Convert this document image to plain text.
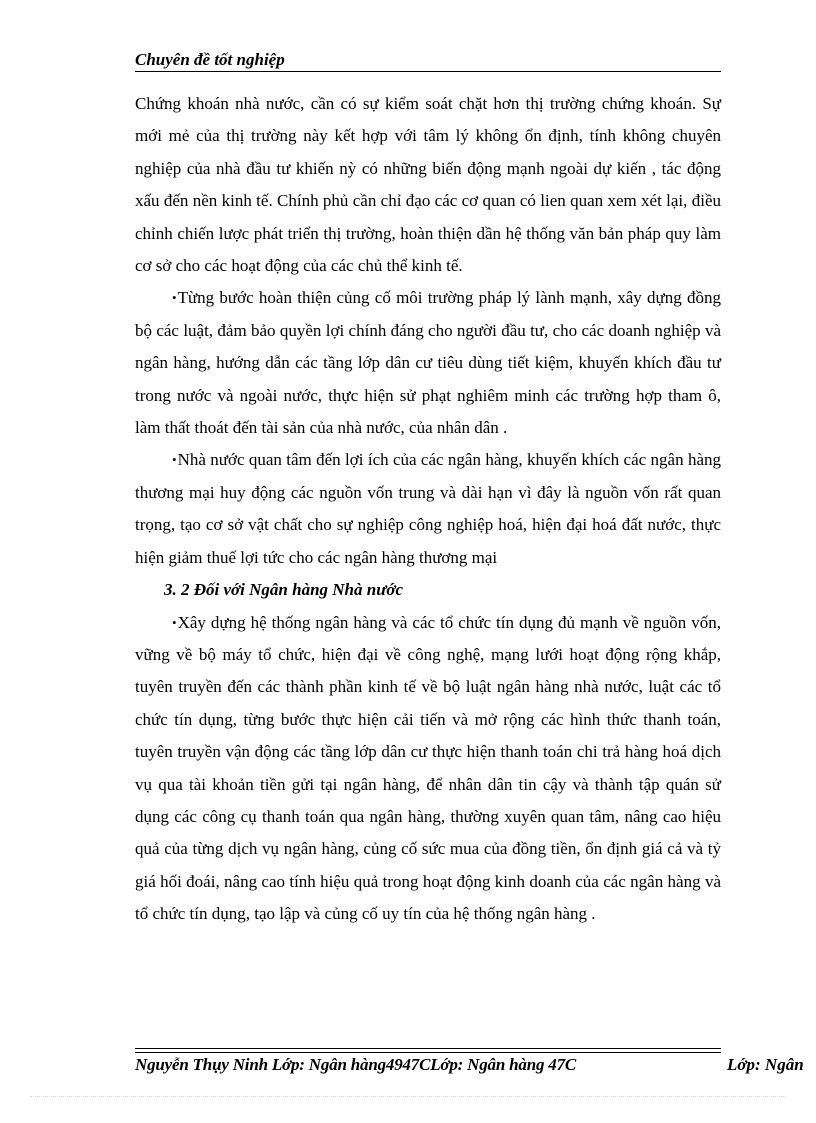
Chuyên đề tốt nghiệp

Chứng khoán nhà nước, cần có sự kiểm soát chặt hơn thị trường chứng khoán. Sự mới mẻ của thị trường này kết hợp với tâm lý không ổn định, tính không chuyên nghiệp của nhà đầu tư khiến nỳ có những biến động mạnh ngoài dự kiến , tác động xấu đến nền kinh tế. Chính phủ cần chỉ đạo các cơ quan có lien quan xem xét lại, điều chỉnh chiến lược phát triển thị trường, hoàn thiện dần hệ thống văn bản pháp quy làm cơ sở cho các hoạt động của các chủ thể kinh tế.

•Từng bước hoàn thiện củng cố môi trường pháp lý lành mạnh, xây dựng đồng bộ các luật, đảm bảo quyền lợi chính đáng cho người đầu tư, cho các doanh nghiệp và ngân hàng, hướng dẫn các tầng lớp dân cư tiêu dùng tiết kiệm, khuyến khích đầu tư trong nước và ngoài nước, thực hiện sử phạt nghiêm minh các trường hợp tham ô, làm thất thoát đến tài sản của nhà nước, của nhân dân .

•Nhà nước quan tâm đến lợi ích của các ngân hàng, khuyến khích các ngân hàng thương mại huy động các nguồn vốn trung và dài hạn vì đây là nguồn vốn rất quan trọng, tạo cơ sở vật chất cho sự nghiệp công nghiệp hoá, hiện đại hoá đất nước, thực hiện giảm thuế lợi tức cho các ngân hàng thương mại

3. 2 Đối với Ngân hàng Nhà nước

•Xây dựng hệ thống ngân hàng và các tổ chức tín dụng đủ mạnh về nguồn vốn, vững về bộ máy tổ chức, hiện đại về công nghệ, mạng lưới hoạt động rộng khắp, tuyên truyền đến các thành phần kinh tế về bộ luật ngân hàng nhà nước, luật các tổ chức tín dụng, từng bước thực hiện cải tiến và mở rộng các hình thức thanh toán, tuyên truyền vận động các tầng lớp dân cư thực hiện thanh toán chi trả hàng hoá dịch vụ qua tài khoản tiền gửi tại ngân hàng, để nhân dân tin cậy và thành tập quán sử dụng các công cụ thanh toán qua ngân hàng, thường xuyên quan tâm, nâng cao hiệu quả của từng dịch vụ ngân hàng, củng cố sức mua của đồng tiền, ổn định giá cả và tỷ giá hối đoái, nâng cao tính hiệu quả trong hoạt động kinh doanh của các ngân hàng và tổ chức tín dụng, tạo lập và củng cố uy tín của hệ thống ngân hàng .

Nguyễn Thụy Ninh Lớp: Ngân hàng4947CLớp: Ngân hàng 47C	Lớp: Ngân
